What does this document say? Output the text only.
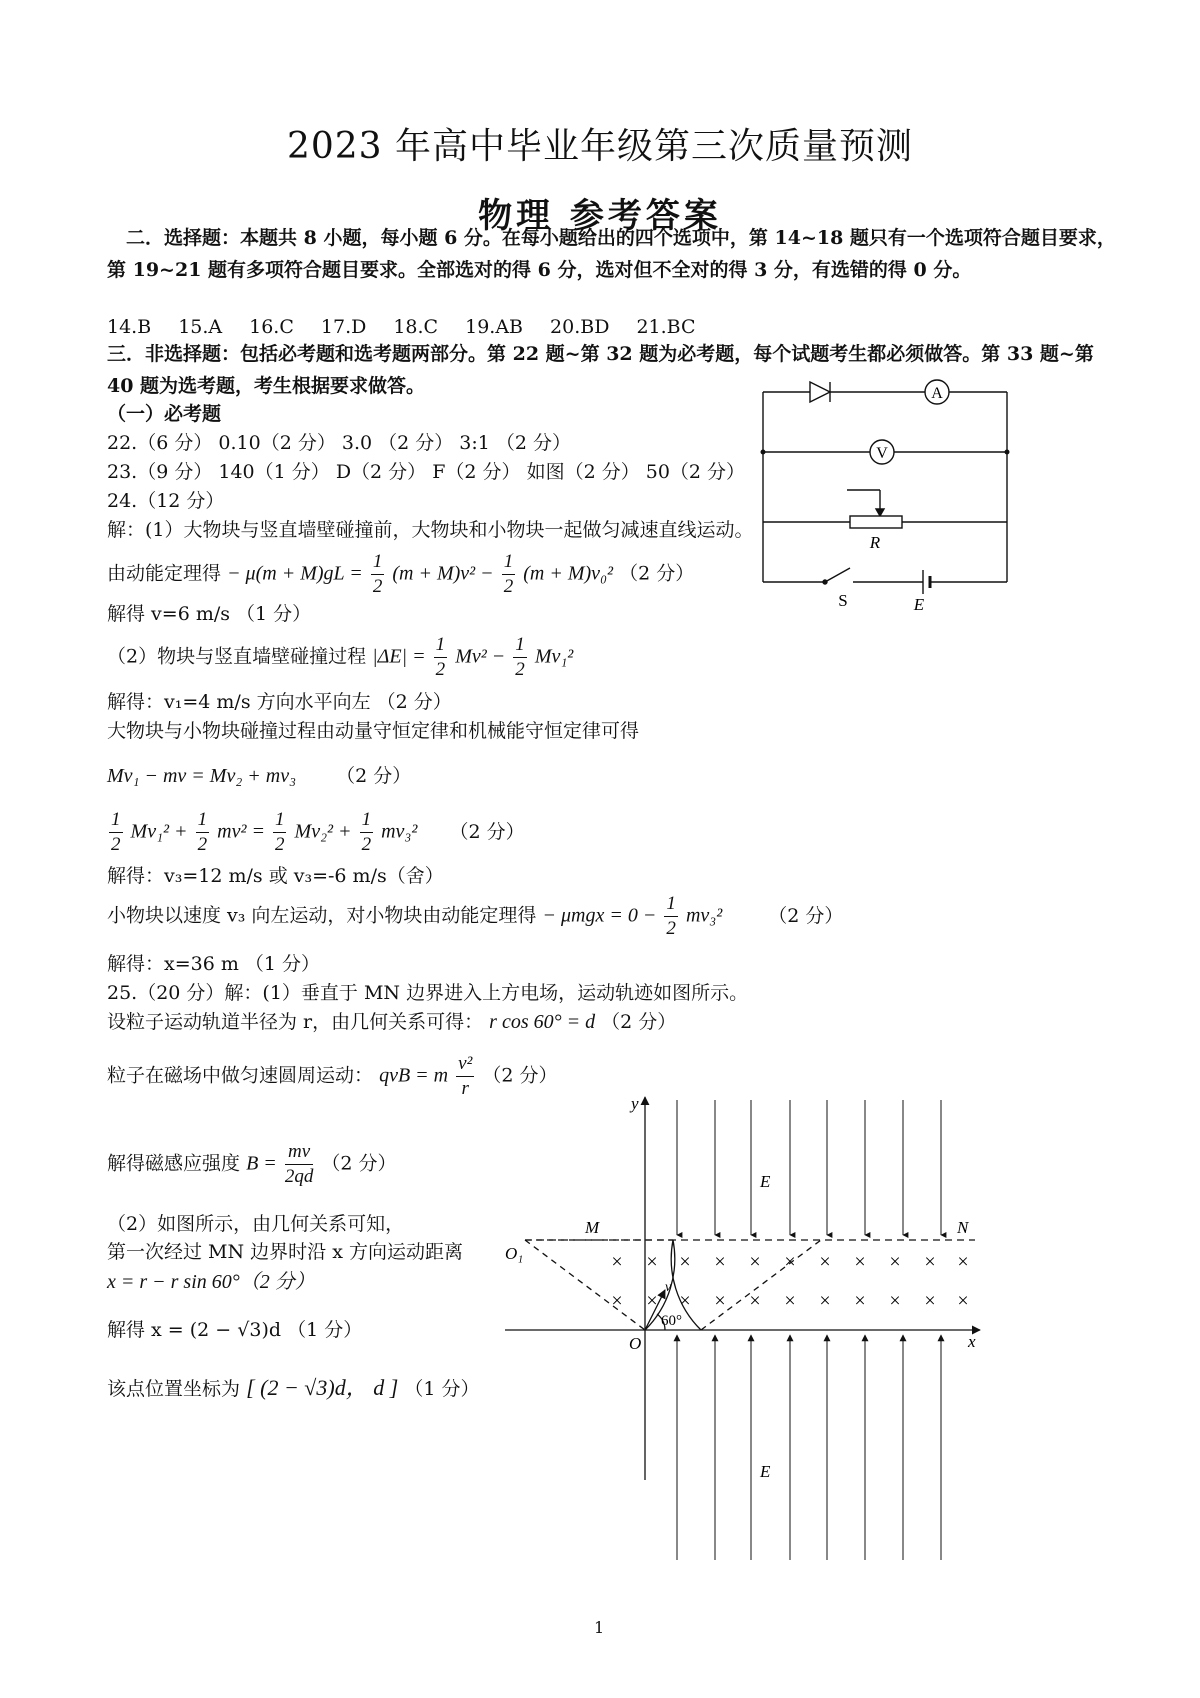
2023 年高中毕业年级第三次质量预测
物理 参考答案
二．选择题：本题共 8 小题，每小题 6 分。在每小题给出的四个选项中，第 14~18 题只有一个选项符合题目要求，第 19~21 题有多项符合题目要求。全部选对的得 6 分，选对但不全对的得 3 分，有选错的得 0 分。
14.B 15.A 16.C 17.D 18.C 19.AB 20.BD 21.BC
三．非选择题：包括必考题和选考题两部分。第 22 题~第 32 题为必考题，每个试题考生都必须做答。第 33 题~第 40 题为选考题，考生根据要求做答。
（一）必考题
22.（6 分） 0.10（2 分） 3.0 （2 分） 3:1 （2 分）
23.（9 分） 140（1 分） D（2 分） F（2 分） 如图（2 分） 50（2 分）
24.（12 分）
解：(1）大物块与竖直墙壁碰撞前，大物块和小物块一起做匀减速直线运动。
由动能定理得 − $\mu(m + M)gL = \frac{1}{2} (m + M)v^2 - \frac{1}{2} (m + M)v_0^2$ （2 分）
解得 v=6 m/s （1 分）
（2）物块与竖直墙壁碰撞过程 $|\Delta E| = \frac{1}{2} Mv^2 - \frac{1}{2} Mv_1^2$
解得：v₁=4 m/s 方向水平向左 （2 分）
大物块与小物块碰撞过程由动量守恒定律和机械能守恒定律可得
Mv₁ − mv = Mv₂ + mv₃ （2 分）
$\frac{1}{2} Mv_1^2 + \frac{1}{2} mv^2 = \frac{1}{2} Mv_2^2 + \frac{1}{2} mv_3^2$ （2 分）
解得：v₃=12 m/s 或 v₃=-6 m/s（舍）
小物块以速度 v₃ 向左运动，对小物块由动能定理得 − $\mu mgx = 0 - \frac{1}{2} mv_3^2$ （2 分）
解得：x=36 m （1 分）
25.（20 分）解：(1）垂直于 MN 边界进入上方电场，运动轨迹如图所示。
设粒子运动轨道半径为 r，由几何关系可得： r cos 60° = d （2 分）
粒子在磁场中做匀速圆周运动： qvB = m $\frac{\text{v²}}{r} (2$ 分）
解得磁感应强度 $B = \frac{mv}{2qd} (2$ 分）
（2）如图所示，由几何关系可知，
第一次经过 MN 边界时沿 x 方向运动距离
x = r − r sin 60°（2 分）
解得 x = (2 − √3)d （1 分）
该点位置坐标为 [ (2 − √3)d， d ] （1 分）
1
A
V
R
S	E
× × × × × × × × × × ×
× × × × × × × × × × ×
y
x
O
O₁
M	N
E
E
60°
v
